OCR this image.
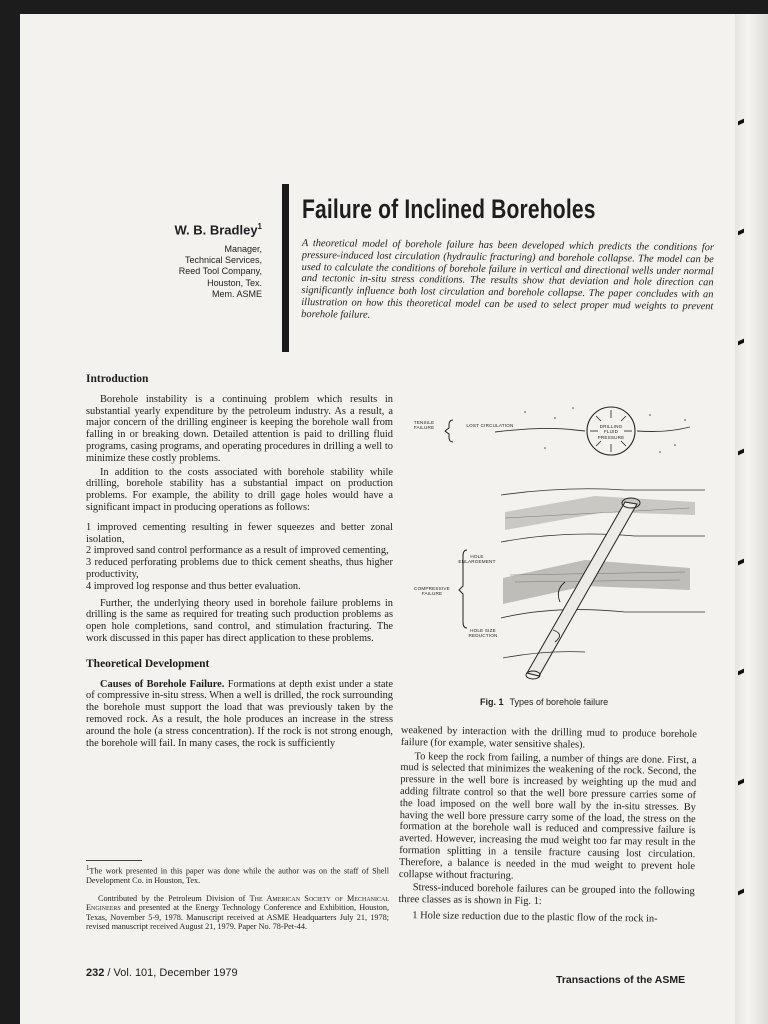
Failure of Inclined Boreholes
W. B. Bradley$^1$
Manager,
Technical Services,
Reed Tool Company,
Houston, Tex.
Mem. ASME
A theoretical model of borehole failure has been developed which predicts the conditions for pressure-induced lost circulation (hydraulic fracturing) and borehole collapse. The model can be used to calculate the conditions of borehole failure in vertical and directional wells under normal and tectonic in-situ stress conditions. The results show that deviation and hole direction can significantly influence both lost circulation and borehole collapse. The paper concludes with an illustration on how this theoretical model can be used to select proper mud weights to prevent borehole failure.

Introduction

Borehole instability is a continuing problem which results in substantial yearly expenditure by the petroleum industry. As a result, a major concern of the drilling engineer is keeping the borehole wall from falling in or breaking down. Detailed attention is paid to drilling fluid programs, casing programs, and operating procedures in drilling a well to minimize these costly problems.

In addition to the costs associated with borehole stability while drilling, borehole stability has a substantial impact on production problems. For example, the ability to drill gage holes would have a significant impact in producing operations as follows:

1 improved cementing resulting in fewer squeezes and better zonal isolation,

2 improved sand control performance as a result of improved cementing,

3 reduced perforating problems due to thick cement sheaths, thus higher productivity,

4 improved log response and thus better evaluation.

Further, the underlying theory used in borehole failure problems in drilling is the same as required for treating such production problems as open hole completions, sand control, and stimulation fracturing. The work discussed in this paper has direct application to these problems.

Theoretical Development

Causes of Borehole Failure. Formations at depth exist under a state of compressive in-situ stress. When a well is drilled, the rock surrounding the borehole must support the load that was previously taken by the removed rock. As a result, the hole produces an increase in the stress around the hole (a stress concentration). If the rock is not strong enough, the borehole will fail. In many cases, the rock is sufficiently

TENSILE FAILURE	LOST CIRCULATION	DRILLING FLUID PRESSURE
HOLE ENLARGEMENT
COMPRESSIVE FAILURE
HOLE SIZE REDUCTION
Fig. 1 Types of borehole failure

weakened by interaction with the drilling mud to produce borehole failure (for example, water sensitive shales).

To keep the rock from failing, a number of things are done. First, a mud is selected that minimizes the weakening of the rock. Second, the pressure in the well bore is increased by weighting up the mud and adding filtrate control so that the well bore pressure carries some of the load imposed on the well bore wall by the in-situ stresses. By having the well bore pressure carry some of the load, the stress on the formation at the borehole wall is reduced and compressive failure is averted. However, increasing the mud weight too far may result in the formation splitting in a tensile fracture causing lost circulation. Therefore, a balance is needed in the mud weight to prevent hole collapse without fracturing.

Stress-induced borehole failures can be grouped into the following three classes as is shown in Fig. 1:

1 Hole size reduction due to the plastic flow of the rock in-

$^1$The work presented in this paper was done while the author was on the staff of Shell Development Co. in Houston, Tex.
Contributed by the Petroleum Division of The American Society of Mechanical Engineers and presented at the Energy Technology Conference and Exhibition, Houston, Texas, November 5-9, 1978. Manuscript received at ASME Headquarters July 21, 1978; revised manuscript received August 21, 1979. Paper No. 78-Pet-44.
232 / Vol. 101, December 1979
Transactions of the ASME
